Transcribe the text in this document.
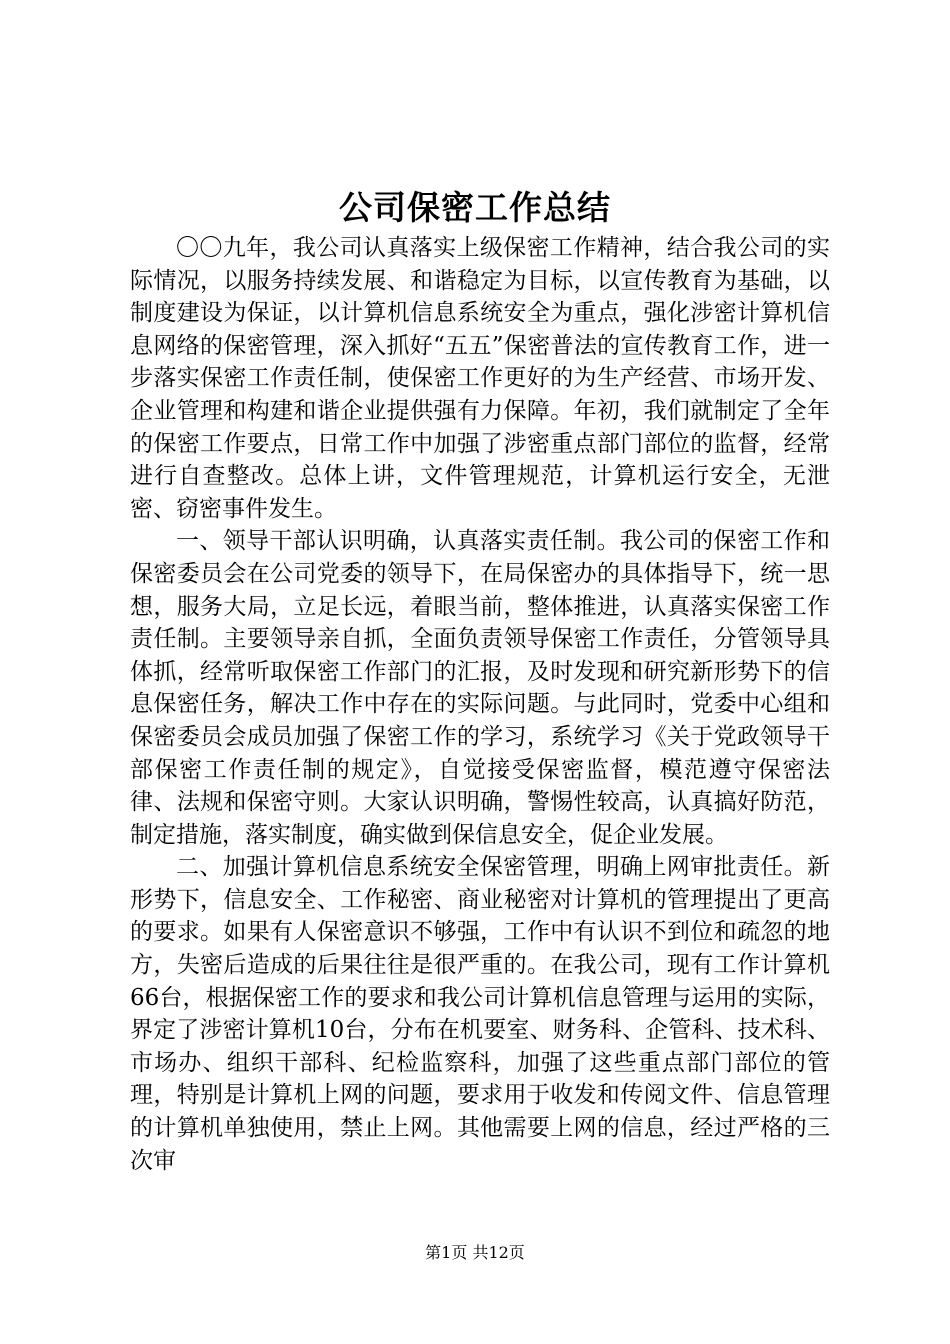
公司保密工作总结

〇〇九年，我公司认真落实上级保密工作精神，结合我公司的实际情况，以服务持续发展、和谐稳定为目标，以宣传教育为基础，以制度建设为保证，以计算机信息系统安全为重点，强化涉密计算机信息网络的保密管理，深入抓好“五五”保密普法的宣传教育工作，进一步落实保密工作责任制，使保密工作更好的为生产经营、市场开发、企业管理和构建和谐企业提供强有力保障。年初，我们就制定了全年的保密工作要点，日常工作中加强了涉密重点部门部位的监督，经常进行自查整改。总体上讲，文件管理规范，计算机运行安全，无泄密、窃密事件发生。

一、领导干部认识明确，认真落实责任制。我公司的保密工作和保密委员会在公司党委的领导下，在局保密办的具体指导下，统一思想，服务大局，立足长远，着眼当前，整体推进，认真落实保密工作责任制。主要领导亲自抓，全面负责领导保密工作责任，分管领导具体抓，经常听取保密工作部门的汇报，及时发现和研究新形势下的信息保密任务，解决工作中存在的实际问题。与此同时，党委中心组和保密委员会成员加强了保密工作的学习，系统学习《关于党政领导干部保密工作责任制的规定》，自觉接受保密监督，模范遵守保密法律、法规和保密守则。大家认识明确，警惕性较高，认真搞好防范，制定措施，落实制度，确实做到保信息安全，促企业发展。

二、加强计算机信息系统安全保密管理，明确上网审批责任。新形势下，信息安全、工作秘密、商业秘密对计算机的管理提出了更高的要求。如果有人保密意识不够强，工作中有认识不到位和疏忽的地方，失密后造成的后果往往是很严重的。在我公司，现有工作计算机66台，根据保密工作的要求和我公司计算机信息管理与运用的实际，界定了涉密计算机10台，分布在机要室、财务科、企管科、技术科、市场办、组织干部科、纪检监察科，加强了这些重点部门部位的管理，特别是计算机上网的问题，要求用于收发和传阅文件、信息管理的计算机单独使用，禁止上网。其他需要上网的信息，经过严格的三次审

第1页 共12页
